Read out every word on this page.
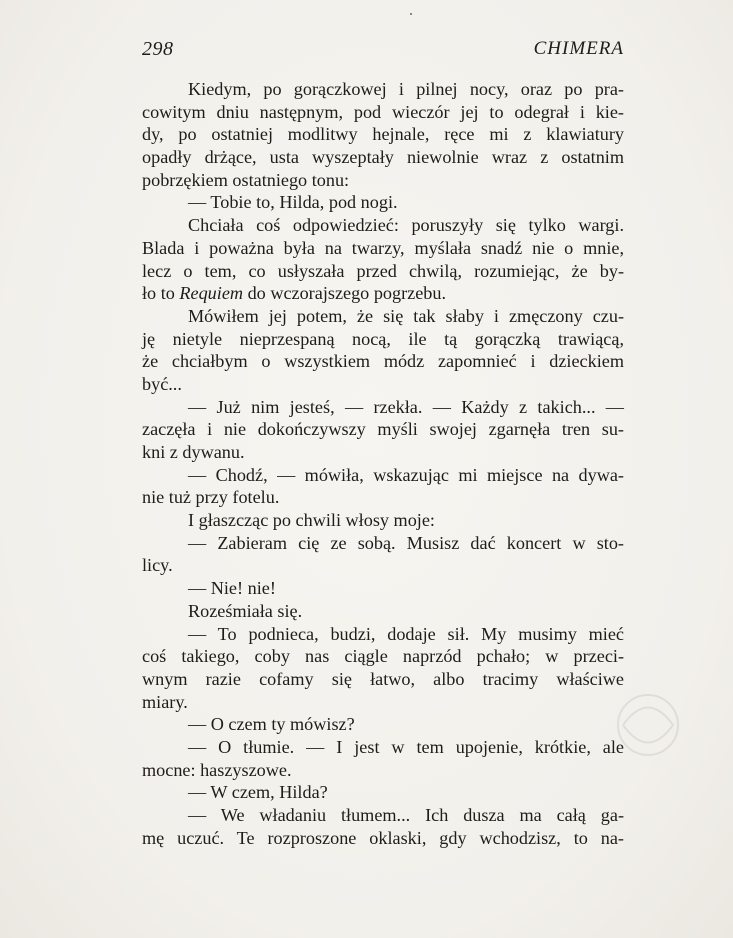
298	CHIMERA
Kiedym, po gorączkowej i pilnej nocy, oraz po pra-
cowitym dniu następnym, pod wieczór jej to odegrał i kie-
dy, po ostatniej modlitwy hejnale, ręce mi z klawiatury
opadły drżące, usta wyszeptały niewolnie wraz z ostatnim
pobrzękiem ostatniego tonu:
— Tobie to, Hilda, pod nogi.
Chciała coś odpowiedzieć: poruszyły się tylko wargi.
Blada i poważna była na twarzy, myślała snadź nie o mnie,
lecz o tem, co usłyszała przed chwilą, rozumiejąc, że by-
ło to Requiem do wczorajszego pogrzebu.
Mówiłem jej potem, że się tak słaby i zmęczony czu-
ję nietyle nieprzespaną nocą, ile tą gorączką trawiącą,
że chciałbym o wszystkiem módz zapomnieć i dzieckiem
być...
— Już nim jesteś, — rzekła. — Każdy z takich... —
zaczęła i nie dokończywszy myśli swojej zgarnęła tren su-
kni z dywanu.
— Chodź, — mówiła, wskazując mi miejsce na dywa-
nie tuż przy fotelu.
I głaszcząc po chwili włosy moje:
— Zabieram cię ze sobą. Musisz dać koncert w sto-
licy.
— Nie! nie!
Roześmiała się.
— To podnieca, budzi, dodaje sił. My musimy mieć
coś takiego, coby nas ciągle naprzód pchało; w przeci-
wnym razie cofamy się łatwo, albo tracimy właściwe
miary.
— O czem ty mówisz?
— O tłumie. — I jest w tem upojenie, krótkie, ale
mocne: haszyszowe.
— W czem, Hilda?
— We władaniu tłumem... Ich dusza ma całą ga-
mę uczuć. Te rozproszone oklaski, gdy wchodzisz, to na-
